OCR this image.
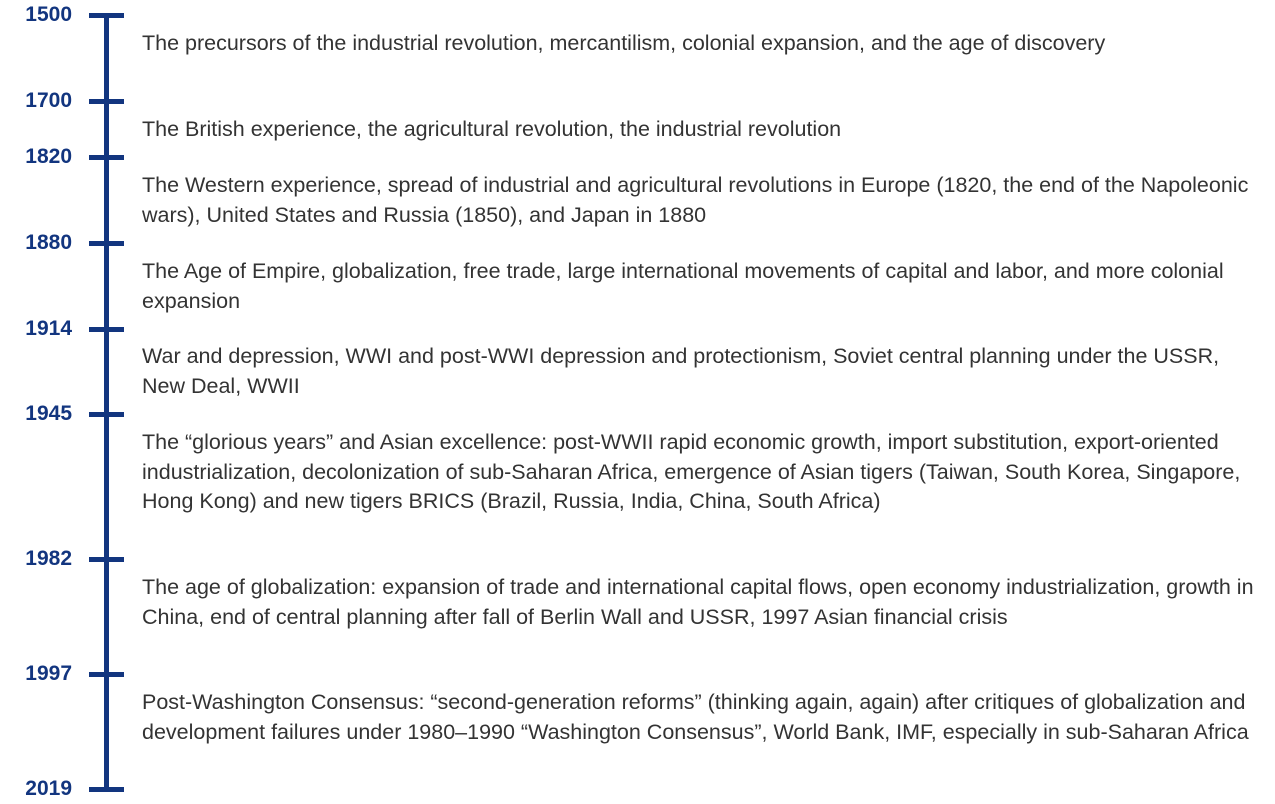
1500
1700
1820
1880
1914
1945
1982
1997
2019
The precursors of the industrial revolution, mercantilism, colonial expansion, and the age of discovery
The British experience, the agricultural revolution, the industrial revolution
The Western experience, spread of industrial and agricultural revolutions in Europe (1820, the end of the Napoleonic wars), United States and Russia (1850), and Japan in 1880
The Age of Empire, globalization, free trade, large international movements of capital and labor, and more colonial expansion
War and depression, WWI and post-WWI depression and protectionism, Soviet central planning under the USSR, New Deal, WWII
The “glorious years” and Asian excellence: post-WWII rapid economic growth, import substitution, export-oriented industrialization, decolonization of sub-Saharan Africa, emergence of Asian tigers (Taiwan, South Korea, Singapore, Hong Kong) and new tigers BRICS (Brazil, Russia, India, China, South Africa)
The age of globalization: expansion of trade and international capital flows, open economy industrialization, growth in China, end of central planning after fall of Berlin Wall and USSR, 1997 Asian financial crisis
Post-Washington Consensus: “second-generation reforms” (thinking again, again) after critiques of globalization and development failures under 1980–1990 “Washington Consensus”, World Bank, IMF, especially in sub-Saharan Africa
